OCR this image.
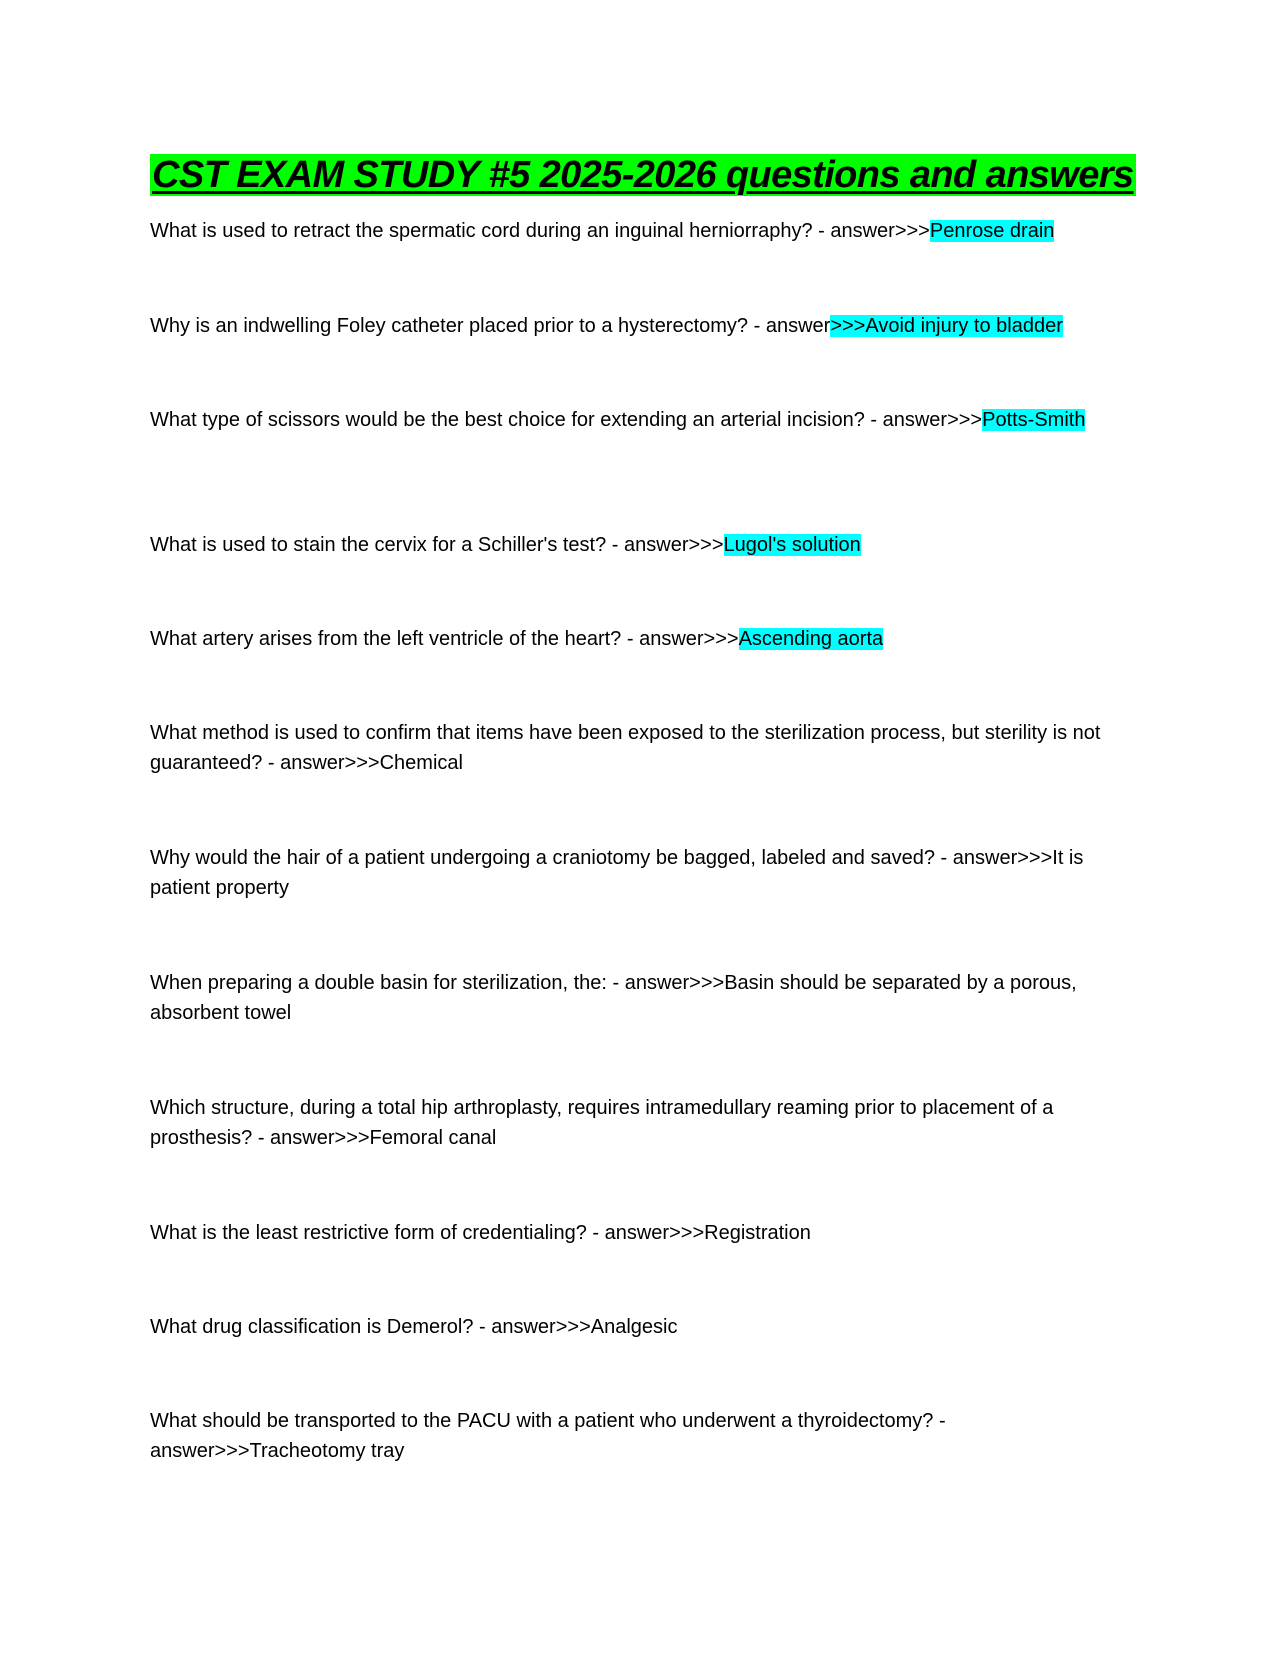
CST EXAM STUDY #5 2025-2026 questions and answers
What is used to retract the spermatic cord during an inguinal herniorraphy? - answer>>>Penrose drain
Why is an indwelling Foley catheter placed prior to a hysterectomy? - answer>>>Avoid injury to bladder
What type of scissors would be the best choice for extending an arterial incision? - answer>>>Potts-Smith
What is used to stain the cervix for a Schiller's test? - answer>>>Lugol's solution
What artery arises from the left ventricle of the heart? - answer>>>Ascending aorta
What method is used to confirm that items have been exposed to the sterilization process, but sterility is not guaranteed? - answer>>>Chemical
Why would the hair of a patient undergoing a craniotomy be bagged, labeled and saved? - answer>>>It is patient property
When preparing a double basin for sterilization, the: - answer>>>Basin should be separated by a porous, absorbent towel
Which structure, during a total hip arthroplasty, requires intramedullary reaming prior to placement of a prosthesis? - answer>>>Femoral canal
What is the least restrictive form of credentialing? - answer>>>Registration
What drug classification is Demerol? - answer>>>Analgesic
What should be transported to the PACU with a patient who underwent a thyroidectomy? - answer>>>Tracheotomy tray
